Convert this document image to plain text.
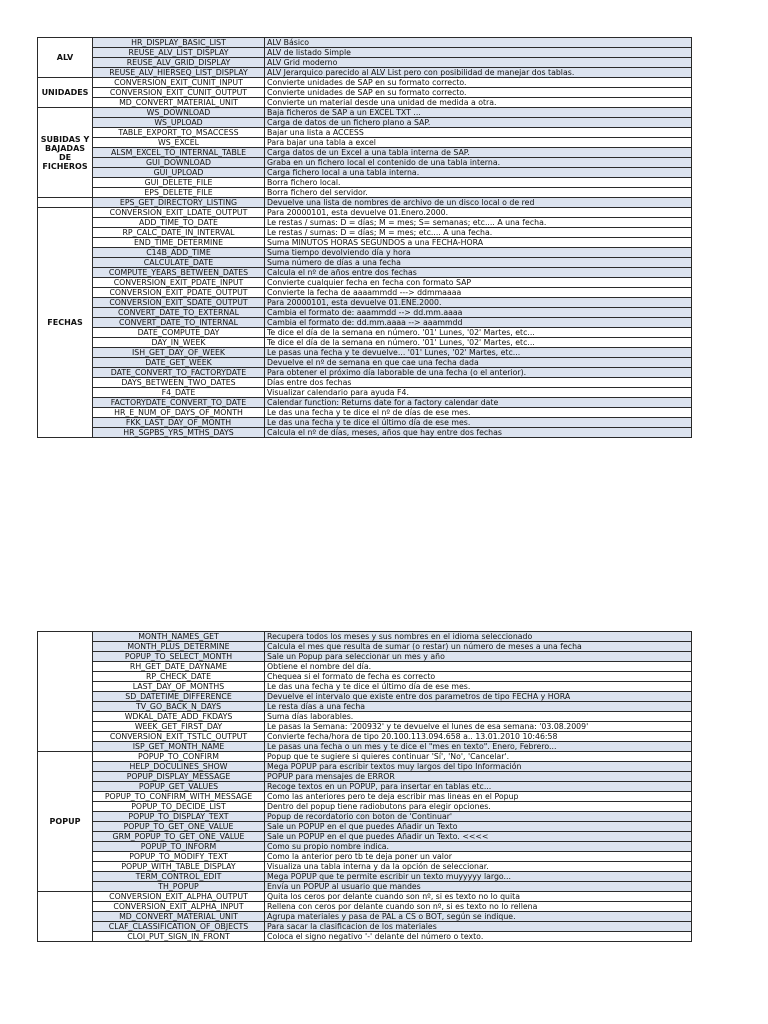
ALV	HR_DISPLAY_BASIC_LIST	ALV Básico
	REUSE_ALV_LIST_DISPLAY	ALV de listado Simple
	REUSE_ALV_GRID_DISPLAY	ALV Grid moderno
	REUSE_ALV_HIERSEQ_LIST_DISPLAY	ALV Jerarquico parecido al ALV List pero con posibilidad de manejar dos tablas.
UNIDADES	CONVERSION_EXIT_CUNIT_INPUT	Convierte unidades de SAP en su formato correcto.
	CONVERSION_EXIT_CUNIT_OUTPUT	Convierte unidades de SAP en su formato correcto.
	MD_CONVERT_MATERIAL_UNIT	Convierte un material desde una unidad de medida a otra.
SUBIDAS Y BAJADAS DE FICHEROS	WS_DOWNLOAD	Baja ficheros de SAP a un EXCEL TXT ...
	WS_UPLOAD	Carga de datos de un fichero plano a SAP.
	TABLE_EXPORT_TO_MSACCESS	Bajar una lista a ACCESS
	WS_EXCEL	Para bajar una tabla a excel
	ALSM_EXCEL_TO_INTERNAL_TABLE	Carga datos de un Excel a una tabla interna de SAP.
	GUI_DOWNLOAD	Graba en un fichero local el contenido de una tabla interna.
	GUI_UPLOAD	Carga fichero local a una tabla interna.
	GUI_DELETE_FILE	Borra fichero local.
	EPS_DELETE_FILE	Borra fichero del servidor.
	EPS_GET_DIRECTORY_LISTING	Devuelve una lista de nombres de archivo de un disco local o de red
FECHAS	CONVERSION_EXIT_LDATE_OUTPUT	Para 20000101, esta devuelve 01.Enero.2000.
	ADD_TIME_TO_DATE	Le restas / sumas: D = días; M = mes; S= semanas; etc.... A una fecha.
	RP_CALC_DATE_IN_INTERVAL	Le restas / sumas: D = días; M = mes; etc.... A una fecha.
	END_TIME_DETERMINE	Suma MINUTOS HORAS SEGUNDOS a una FECHA-HORA
	C14B_ADD_TIME	Suma tiempo devolviendo día y hora
	CALCULATE_DATE	Suma número de días a una fecha
	COMPUTE_YEARS_BETWEEN_DATES	Calcula el nº de años entre dos fechas
	CONVERSION_EXIT_PDATE_INPUT	Convierte cualquier fecha en fecha con formato SAP
	CONVERSION_EXIT_PDATE_OUTPUT	Convierte la fecha de aaaammdd ---> ddmmaaaa
	CONVERSION_EXIT_SDATE_OUTPUT	Para 20000101, esta devuelve 01.ENE.2000.
	CONVERT_DATE_TO_EXTERNAL	Cambia el formato de: aaammdd --> dd.mm.aaaa
	CONVERT_DATE_TO_INTERNAL	Cambia el formato de: dd.mm.aaaa --> aaammdd
	DATE_COMPUTE_DAY	Te dice el día de la semana en número. '01' Lunes, '02' Martes, etc...
	DAY_IN_WEEK	Te dice el día de la semana en número. '01' Lunes, '02' Martes, etc...
	ISH_GET_DAY_OF_WEEK	Le pasas una fecha y te devuelve... '01' Lunes, '02' Martes, etc...
	DATE_GET_WEEK	Devuelve el nº de semana en que cae una fecha dada
	DATE_CONVERT_TO_FACTORYDATE	Para obtener el próximo día laborable de una fecha (o el anterior).
	DAYS_BETWEEN_TWO_DATES	Días entre dos fechas
	F4_DATE	Visualizar calendario para ayuda F4.
	FACTORYDATE_CONVERT_TO_DATE	Calendar function: Returns date for a factory calendar date
	HR_E_NUM_OF_DAYS_OF_MONTH	Le das una fecha y te dice el nº de días de ese mes.
	FKK_LAST_DAY_OF_MONTH	Le das una fecha y te dice el último día de ese mes.
	HR_SGPBS_YRS_MTHS_DAYS	Calcula el nº de días, meses, años que hay entre dos fechas
	MONTH_NAMES_GET	Recupera todos los meses y sus nombres en el idioma seleccionado
	MONTH_PLUS_DETERMINE	Calcula el mes que resulta de sumar (o restar) un número de meses a una fecha
	POPUP_TO_SELECT_MONTH	Sale un Popup para seleccionar un mes y año
	RH_GET_DATE_DAYNAME	Obtiene el nombre del día.
	RP_CHECK_DATE	Chequea si el formato de fecha es correcto
	LAST_DAY_OF_MONTHS	Le das una fecha y te dice el último día de ese mes.
	SD_DATETIME_DIFFERENCE	Devuelve el intervalo que existe entre dos parametros de tipo FECHA y HORA
	TV_GO_BACK_N_DAYS	Le resta días a una fecha
	WDKAL_DATE_ADD_FKDAYS	Suma días laborables.
	WEEK_GET_FIRST_DAY	Le pasas la Semana: '200932' y te devuelve el lunes de esa semana: '03.08.2009'
	CONVERSION_EXIT_TSTLC_OUTPUT	Convierte fecha/hora de tipo 20.100.113.094.658 a.. 13.01.2010 10:46:58
	ISP_GET_MONTH_NAME	Le pasas una fecha o un mes y te dice el "mes en texto". Enero, Febrero...
POPUP	POPUP_TO_CONFIRM	Popup que te sugiere si quieres continuar 'Sí', 'No', 'Cancelar'.
	HELP_DOCULINES_SHOW	Mega POPUP para escribir textos muy largos del tipo Información
	POPUP_DISPLAY_MESSAGE	POPUP para mensajes de ERROR
	POPUP_GET_VALUES	Recoge textos en un POPUP, para insertar en tablas etc...
	POPUP_TO_CONFIRM_WITH_MESSAGE	Como las anteriores pero te deja escribir mas lineas en el Popup
	POPUP_TO_DECIDE_LIST	Dentro del popup tiene radiobutons para elegir opciones.
	POPUP_TO_DISPLAY_TEXT	Popup de recordatorio con boton de 'Continuar'
	POPUP_TO_GET_ONE_VALUE	Sale un POPUP en el que puedes Añadir un Texto
	GRM_POPUP_TO_GET_ONE_VALUE	Sale un POPUP en el que puedes Añadir un Texto. <<<<
	POPUP_TO_INFORM	Como su propio nombre indica.
	POPUP_TO_MODIFY_TEXT	Como la anterior pero tb te deja poner un valor
	POPUP_WITH_TABLE_DISPLAY	Visualiza una tabla interna y da la opción de seleccionar.
	TERM_CONTROL_EDIT	Mega POPUP que te permite escribir un texto muyyyyy largo...
	TH_POPUP	Envía un POPUP al usuario que mandes
	CONVERSION_EXIT_ALPHA_OUTPUT	Quita los ceros por delante cuando son nº, si es texto no lo quita
	CONVERSION_EXIT_ALPHA_INPUT	Rellena con ceros por delante cuando son nº, si es texto no lo rellena
	MD_CONVERT_MATERIAL_UNIT	Agrupa materiales y pasa de PAL a CS o BOT, según se indique.
	CLAF_CLASSIFICATION_OF_OBJECTS	Para sacar la clasificacion de los materiales
	CLOI_PUT_SIGN_IN_FRONT	Coloca el signo negativo '-' delante del número o texto.
